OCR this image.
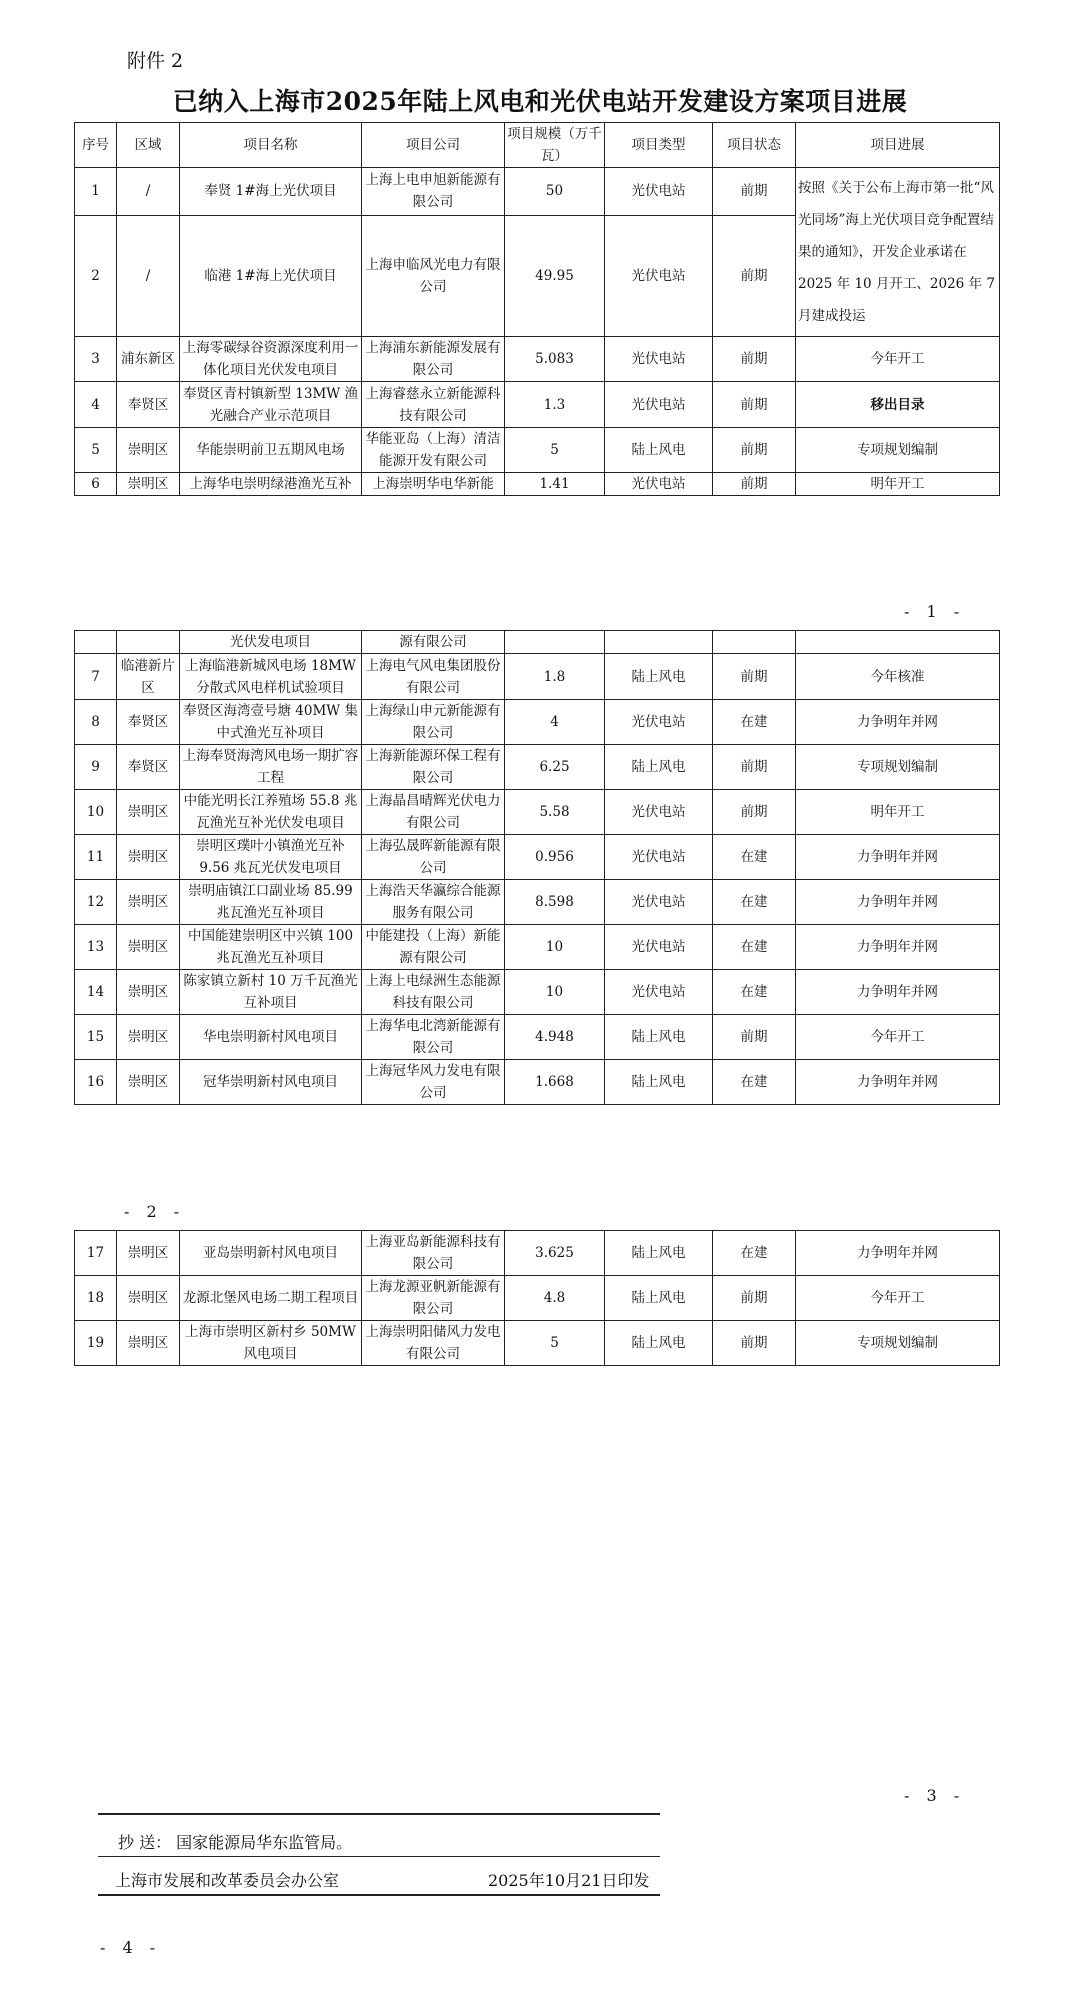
附件 2
已纳入上海市2025年陆上风电和光伏电站开发建设方案项目进展
序号	区域	项目名称	项目公司	项目规模（万千瓦）	项目类型	项目状态	项目进展
1	/	奉贤 1#海上光伏项目	上海上电申旭新能源有限公司	50	光伏电站	前期	按照《关于公布上海市第一批“风光同场”海上光伏项目竞争配置结果的通知》，开发企业承诺在 2025 年 10 月开工、2026 年 7 月建成投运
2	/	临港 1#海上光伏项目	上海申临风光电力有限公司	49.95	光伏电站	前期	
3	浦东新区	上海零碳绿谷资源深度利用一体化项目光伏发电项目	上海浦东新能源发展有限公司	5.083	光伏电站	前期	今年开工
4	奉贤区	奉贤区青村镇新型 13MW 渔光融合产业示范项目	上海睿慈永立新能源科技有限公司	1.3	光伏电站	前期	移出目录
5	崇明区	华能崇明前卫五期风电场	华能亚岛（上海）清洁能源开发有限公司	5	陆上风电	前期	专项规划编制
6	崇明区	上海华电崇明绿港渔光互补	上海崇明华电华新能	1.41	光伏电站	前期	明年开工
- 1 -
		光伏发电项目	源有限公司				
7	临港新片区	上海临港新城风电场 18MW 分散式风电样机试验项目	上海电气风电集团股份有限公司	1.8	陆上风电	前期	今年核准
8	奉贤区	奉贤区海湾壹号塘 40MW 集中式渔光互补项目	上海绿山申元新能源有限公司	4	光伏电站	在建	力争明年并网
9	奉贤区	上海奉贤海湾风电场一期扩容工程	上海新能源环保工程有限公司	6.25	陆上风电	前期	专项规划编制
10	崇明区	中能光明长江养殖场 55.8 兆瓦渔光互补光伏发电项目	上海晶昌晴辉光伏电力有限公司	5.58	光伏电站	前期	明年开工
11	崇明区	崇明区璞叶小镇渔光互补 9.56 兆瓦光伏发电项目	上海弘晟晖新能源有限公司	0.956	光伏电站	在建	力争明年并网
12	崇明区	崇明庙镇江口副业场 85.99 兆瓦渔光互补项目	上海浩天华瀛综合能源服务有限公司	8.598	光伏电站	在建	力争明年并网
13	崇明区	中国能建崇明区中兴镇 100 兆瓦渔光互补项目	中能建投（上海）新能源有限公司	10	光伏电站	在建	力争明年并网
14	崇明区	陈家镇立新村 10 万千瓦渔光互补项目	上海上电绿洲生态能源科技有限公司	10	光伏电站	在建	力争明年并网
15	崇明区	华电崇明新村风电项目	上海华电北湾新能源有限公司	4.948	陆上风电	前期	今年开工
16	崇明区	冠华崇明新村风电项目	上海冠华风力发电有限公司	1.668	陆上风电	在建	力争明年并网
- 2 -
17	崇明区	亚岛崇明新村风电项目	上海亚岛新能源科技有限公司	3.625	陆上风电	在建	力争明年并网
18	崇明区	龙源北堡风电场二期工程项目	上海龙源亚帆新能源有限公司	4.8	陆上风电	前期	今年开工
19	崇明区	上海市崇明区新村乡 50MW 风电项目	上海崇明阳储风力发电有限公司	5	陆上风电	前期	专项规划编制
- 3 -
抄 送： 国家能源局华东监管局。
上海市发展和改革委员会办公室	2025年10月21日印发
- 4 -
